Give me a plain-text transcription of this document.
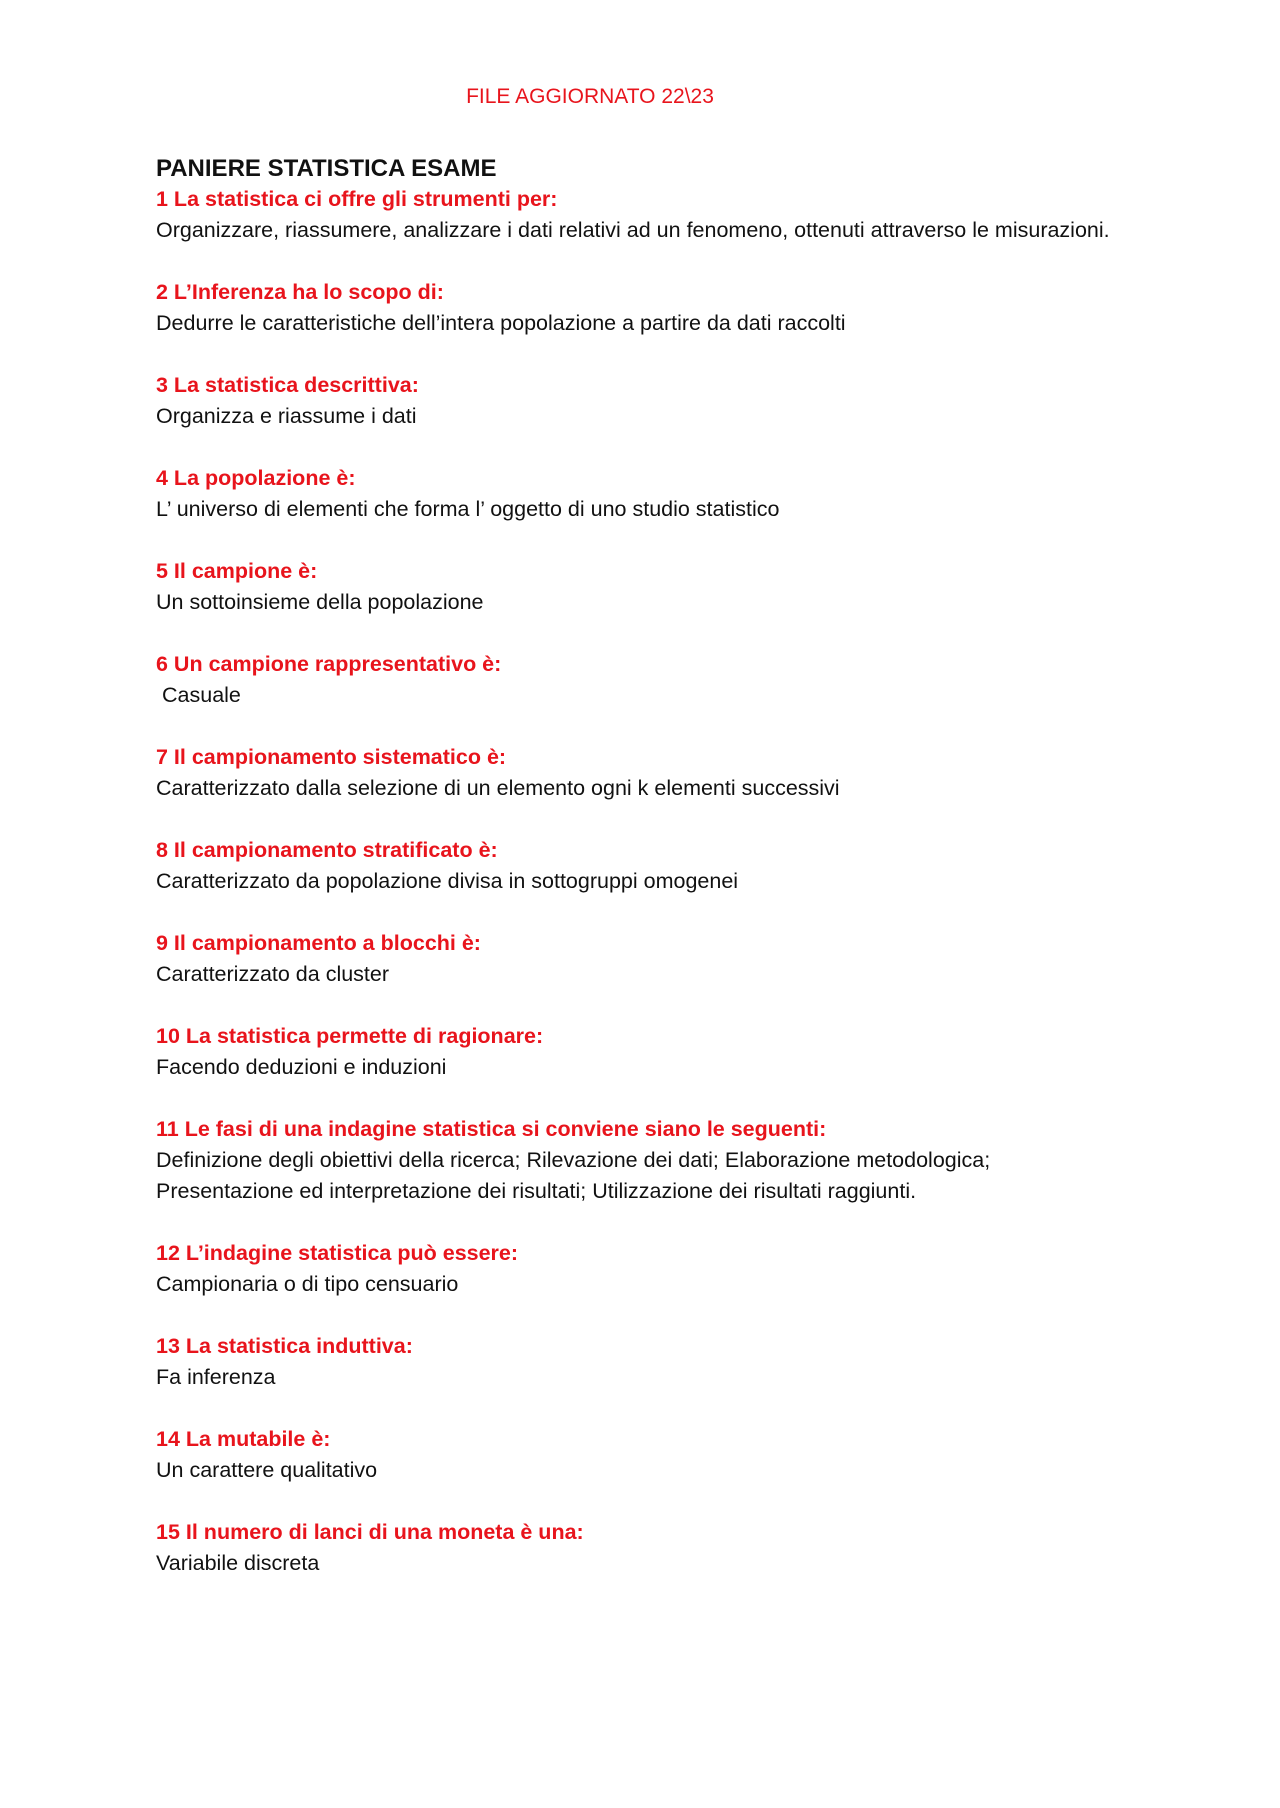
FILE AGGIORNATO 22\23
PANIERE STATISTICA ESAME
1 La statistica ci offre gli strumenti per:
Organizzare, riassumere, analizzare i dati relativi ad un fenomeno, ottenuti attraverso le misurazioni.
2 L’Inferenza ha lo scopo di:
Dedurre le caratteristiche dell’intera popolazione a partire da dati raccolti
3 La statistica descrittiva:
Organizza e riassume i dati
4 La popolazione è:
L’ universo di elementi che forma l’ oggetto di uno studio statistico
5 Il campione è:
Un sottoinsieme della popolazione
6 Un campione rappresentativo è:
Casuale
7 Il campionamento sistematico è:
Caratterizzato dalla selezione di un elemento ogni k elementi successivi
8 Il campionamento stratificato è:
Caratterizzato da popolazione divisa in sottogruppi omogenei
9 Il campionamento a blocchi è:
Caratterizzato da cluster
10 La statistica permette di ragionare:
Facendo deduzioni e induzioni
11 Le fasi di una indagine statistica si conviene siano le seguenti:
Definizione degli obiettivi della ricerca; Rilevazione dei dati; Elaborazione metodologica; Presentazione ed interpretazione dei risultati; Utilizzazione dei risultati raggiunti.
12 L’indagine statistica può essere:
Campionaria o di tipo censuario
13 La statistica induttiva:
Fa inferenza
14 La mutabile è:
Un carattere qualitativo
15 Il numero di lanci di una moneta è una:
Variabile discreta
